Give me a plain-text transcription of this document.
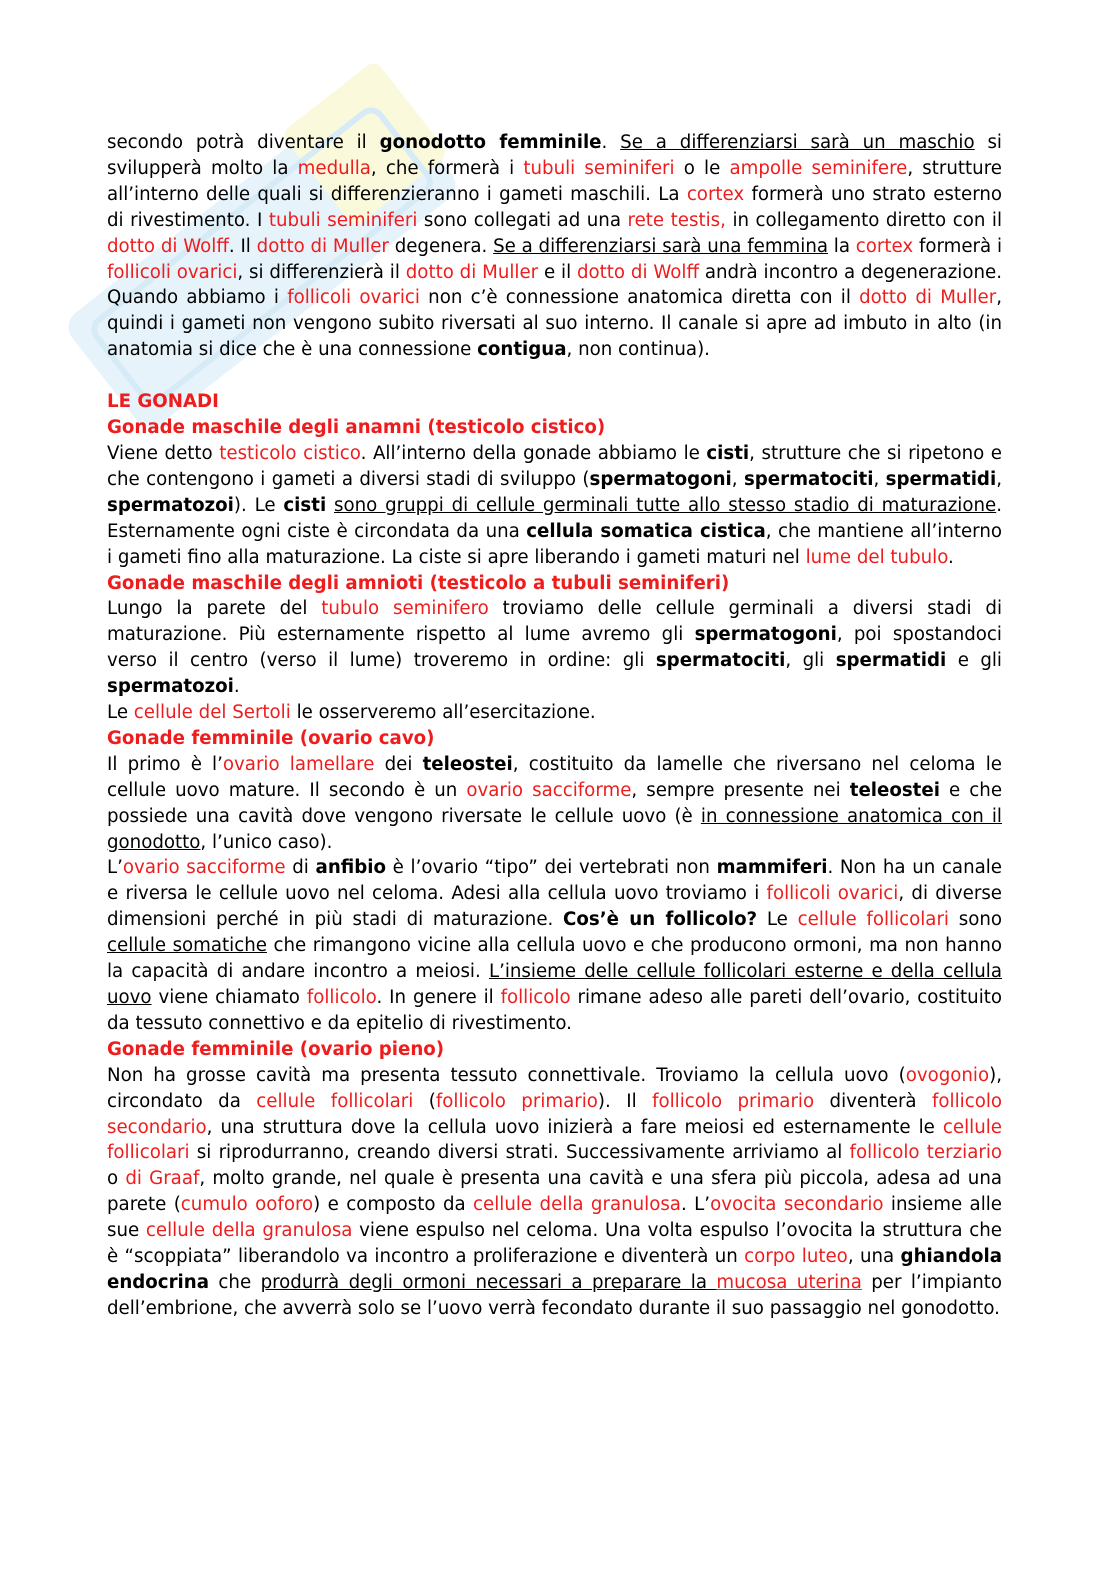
secondo potrà diventare il gonodotto femminile. Se a differenziarsi sarà un maschio si svilupperà molto la medulla, che formerà i tubuli seminiferi o le ampolle seminifere, strutture all’interno delle quali si differenzieranno i gameti maschili. La cortex formerà uno strato esterno di rivestimento. I tubuli seminiferi sono collegati ad una rete testis, in collegamento diretto con il dotto di Wolff. Il dotto di Muller degenera. Se a differenziarsi sarà una femmina la cortex formerà i follicoli ovarici, si differenzierà il dotto di Muller e il dotto di Wolff andrà incontro a degenerazione. Quando abbiamo i follicoli ovarici non c’è connessione anatomica diretta con il dotto di Muller, quindi i gameti non vengono subito riversati al suo interno. Il canale si apre ad imbuto in alto (in anatomia si dice che è una connessione contigua, non continua).

LE GONADI
Gonade maschile degli anamni (testicolo cistico)

Viene detto testicolo cistico. All’interno della gonade abbiamo le cisti, strutture che si ripetono e che contengono i gameti a diversi stadi di sviluppo (spermatogoni, spermatociti, spermatidi, spermatozoi). Le cisti sono gruppi di cellule germinali tutte allo stesso stadio di maturazione. Esternamente ogni ciste è circondata da una cellula somatica cistica, che mantiene all’interno i gameti fino alla maturazione. La ciste si apre liberando i gameti maturi nel lume del tubulo.

Gonade maschile degli amnioti (testicolo a tubuli seminiferi)

Lungo la parete del tubulo seminifero troviamo delle cellule germinali a diversi stadi di maturazione. Più esternamente rispetto al lume avremo gli spermatogoni, poi spostandoci verso il centro (verso il lume) troveremo in ordine: gli spermatociti, gli spermatidi e gli spermatozoi.

Le cellule del Sertoli le osserveremo all’esercitazione.

Gonade femminile (ovario cavo)

Il primo è l’ovario lamellare dei teleostei, costituito da lamelle che riversano nel celoma le cellule uovo mature. Il secondo è un ovario sacciforme, sempre presente nei teleostei e che possiede una cavità dove vengono riversate le cellule uovo (è in connessione anatomica con il gonodotto, l’unico caso).

L’ovario sacciforme di anfibio è l’ovario “tipo” dei vertebrati non mammiferi. Non ha un canale e riversa le cellule uovo nel celoma. Adesi alla cellula uovo troviamo i follicoli ovarici, di diverse dimensioni perché in più stadi di maturazione. Cos’è un follicolo? Le cellule follicolari sono cellule somatiche che rimangono vicine alla cellula uovo e che producono ormoni, ma non hanno la capacità di andare incontro a meiosi. L’insieme delle cellule follicolari esterne e della cellula uovo viene chiamato follicolo. In genere il follicolo rimane adeso alle pareti dell’ovario, costituito da tessuto connettivo e da epitelio di rivestimento.

Gonade femminile (ovario pieno)

Non ha grosse cavità ma presenta tessuto connettivale. Troviamo la cellula uovo (ovogonio), circondato da cellule follicolari (follicolo primario). Il follicolo primario diventerà follicolo secondario, una struttura dove la cellula uovo inizierà a fare meiosi ed esternamente le cellule follicolari si riprodurranno, creando diversi strati. Successivamente arriviamo al follicolo terziario o di Graaf, molto grande, nel quale è presenta una cavità e una sfera più piccola, adesa ad una parete (cumulo ooforo) e composto da cellule della granulosa. L’ovocita secondario insieme alle sue cellule della granulosa viene espulso nel celoma. Una volta espulso l’ovocita la struttura che è “scoppiata” liberandolo va incontro a proliferazione e diventerà un corpo luteo, una ghiandola endocrina che produrrà degli ormoni necessari a preparare la mucosa uterina per l’impianto dell’embrione, che avverrà solo se l’uovo verrà fecondato durante il suo passaggio nel gonodotto.
